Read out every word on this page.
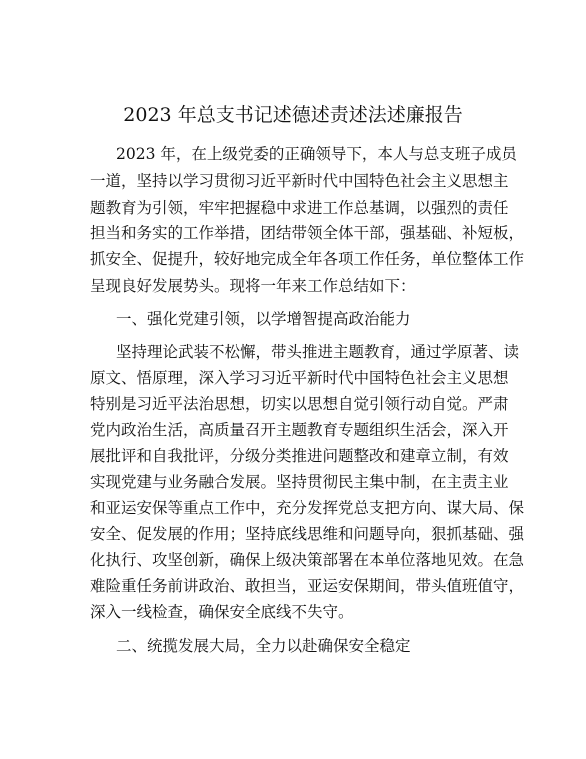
2023 年总支书记述德述责述法述廉报告
2023 年，在上级党委的正确领导下，本人与总支班子成员
一道，坚持以学习贯彻习近平新时代中国特色社会主义思想主
题教育为引领，牢牢把握稳中求进工作总基调，以强烈的责任
担当和务实的工作举措，团结带领全体干部，强基础、补短板，
抓安全、促提升，较好地完成全年各项工作任务，单位整体工作
呈现良好发展势头。现将一年来工作总结如下：
一、强化党建引领，以学增智提高政治能力
坚持理论武装不松懈，带头推进主题教育，通过学原著、读
原文、悟原理，深入学习习近平新时代中国特色社会主义思想
特别是习近平法治思想，切实以思想自觉引领行动自觉。严肃
党内政治生活，高质量召开主题教育专题组织生活会，深入开
展批评和自我批评，分级分类推进问题整改和建章立制，有效
实现党建与业务融合发展。坚持贯彻民主集中制，在主责主业
和亚运安保等重点工作中，充分发挥党总支把方向、谋大局、保
安全、促发展的作用；坚持底线思维和问题导向，狠抓基础、强
化执行、攻坚创新，确保上级决策部署在本单位落地见效。在急
难险重任务前讲政治、敢担当，亚运安保期间，带头值班值守，
深入一线检查，确保安全底线不失守。
二、统揽发展大局，全力以赴确保安全稳定
